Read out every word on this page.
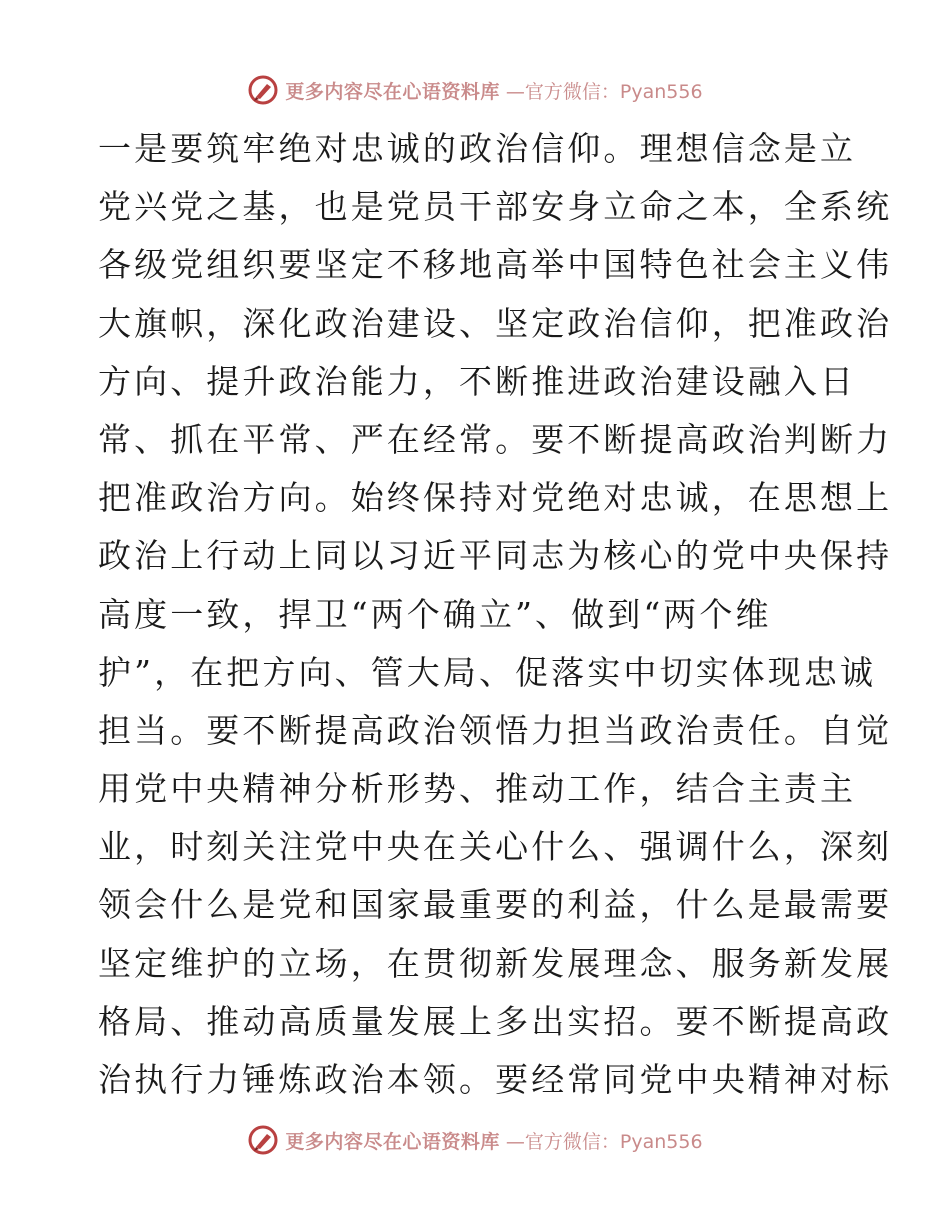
更多内容尽在心语资料库 —官方微信：Pyan556
一是要筑牢绝对忠诚的政治信仰。理想信念是立
党兴党之基，也是党员干部安身立命之本，全系统
各级党组织要坚定不移地高举中国特色社会主义伟
大旗帜，深化政治建设、坚定政治信仰，把准政治
方向、提升政治能力，不断推进政治建设融入日
常、抓在平常、严在经常。要不断提高政治判断力
把准政治方向。始终保持对党绝对忠诚，在思想上
政治上行动上同以习近平同志为核心的党中央保持
高度一致，捍卫“两个确立”、做到“两个维
护”，在把方向、管大局、促落实中切实体现忠诚
担当。要不断提高政治领悟力担当政治责任。自觉
用党中央精神分析形势、推动工作，结合主责主
业，时刻关注党中央在关心什么、强调什么，深刻
领会什么是党和国家最重要的利益，什么是最需要
坚定维护的立场，在贯彻新发展理念、服务新发展
格局、推动高质量发展上多出实招。要不断提高政
治执行力锤炼政治本领。要经常同党中央精神对标
更多内容尽在心语资料库 —官方微信：Pyan556
